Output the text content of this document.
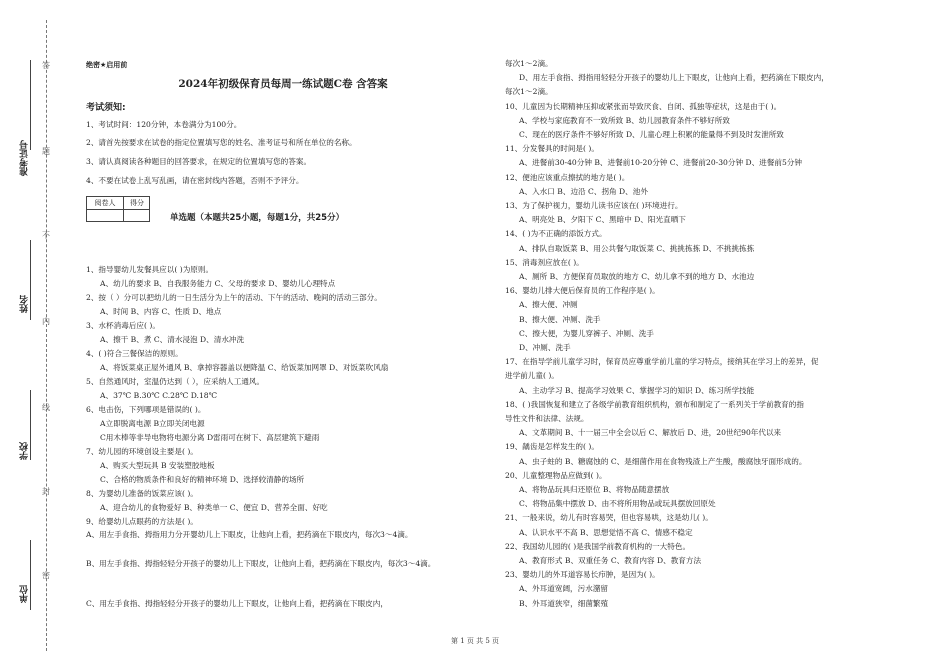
答
题
不
内
线
封
密
准考证号
姓名
学校
单位
绝密★启用前
2024年初级保育员每周一练试题C卷 含答案
考试须知:
1、考试时间：120分钟，本卷满分为100分。
2、请首先按要求在试卷的指定位置填写您的姓名、准考证号和所在单位的名称。
3、请认真阅读各种题目的回答要求，在规定的位置填写您的答案。
4、不要在试卷上乱写乱画，请在密封线内答题，否则不予评分。
阅卷人	得分
单选题（本题共25小题，每题1分，共25分）
1、指导婴幼儿发餐具应以( )为原则。
A、幼儿的要求 B、自我服务能力 C、父母的要求 D、婴幼儿心理特点
2、按（ ）分可以把幼儿的一日生活分为上午的活动、下午的活动、晚间的活动三部分。
A、时间 B、内容 C、性质 D、地点
3、水杯消毒后应( )。
A、擦干 B、煮 C、清水浸泡 D、清水冲洗
4、( )符合三餐保洁的原则。
A、将饭菜桌正屋外通风 B、拿掉容器盖以便降温 C、给饭菜加网罩 D、对饭菜吹风扇
5、自然通风时，室温仍达到（ ），应采纳人工通风。
A、37℃ B.30℃ C.28℃ D.18℃
6、电击伤，下列哪项是错误的( )。
A立即脱离电源 B立即关闭电源
C用木棒等非导电物将电源分离 D雷雨可在树下、高层建筑下避雨
7、幼儿园的环境创设主要是( )。
A、购买大型玩具 B 安装塑胶地板
C、合格的物质条件和良好的精神环境 D、选择较清静的场所
8、为婴幼儿准备的饭菜应该( )。
A、迎合幼儿的食物爱好 B、种类单一 C、便宜 D、营养全面、好吃
9、给婴幼儿点眼药的方法是( )。
A、用左手食指、拇指用力分开婴幼儿上下眼皮，让他向上看，把药滴在下眼皮内，每次3～4滴。
B、用左手食指、拇指轻轻分开孩子的婴幼儿上下眼皮，让他向上看，把药滴在下眼皮内，每次3～4滴。
C、用左手食指、拇指轻轻分开孩子的婴幼儿上下眼皮，让他向上看，把药滴在下眼皮内，
每次1～2滴。
D、用左手食指、拇指用轻轻分开孩子的婴幼儿上下眼皮，让他向上看，把药滴在下眼皮内，
每次1～2滴。
10、儿童因为长期精神压抑或紧张而导致厌食、自闭、孤独等症状，这是由于( )。
A、学校与家庭教育不一致所致 B、幼儿园教育条件不够好所致
C、现在的医疗条件不够好所致 D、儿童心理上积累的能量得不到及时发泄所致
11、分发餐具的时间是( )。
A、进餐前30-40分钟 B、进餐前10-20分钟 C、进餐前20-30分钟 D、进餐前5分钟
12、便池应该重点擦拭的地方是( )。
A、入水口 B、边沿 C、拐角 D、池外
13、为了保护视力，婴幼儿读书应该在( )环境进行。
A、明亮处 B、夕阳下 C、黑暗中 D、阳光直晒下
14、( )为不正确的添饭方式。
A、排队自取饭菜 B、用公共餐勺取饭菜 C、挑挑拣拣 D、不挑挑拣拣
15、消毒剂应放在( )。
A、厕所 B、方便保育员取放的地方 C、幼儿拿不到的地方 D、水池边
16、婴幼儿排大便后保育员的工作程序是( )。
A、擦大便、冲厕
B、擦大便、冲厕、洗手
C、擦大便，为婴儿穿裤子、冲厕、洗手
D、冲厕、洗手
17、在指导学前儿童学习时，保育员应尊重学前儿童的学习特点，接纳其在学习上的差异，促
进学前儿童( )。
A、主动学习 B、提高学习效果 C、掌握学习的知识 D、练习所学技能
18、( )我国恢复和建立了各级学前教育组织机构，颁布和制定了一系列关于学前教育的指
导性文件和法律、法规。
A、文革期间 B、十一届三中全会以后 C、解放后 D、进，20世纪90年代以来
19、龋齿是怎样发生的( )。
A、虫子蛀的 B、糖腐蚀的 C、是细菌作用在食物残渣上产生酸，酸腐蚀牙面形成的。
20、儿童整理物品应做到( )。
A、将物品玩具归还原位 B、将物品随意摆放
C、将物品集中摆放 D、由不将所用物品或玩具摆放回原处
21、一般来说，幼儿有时容易哭，但也容易哄，这是幼儿( )。
A、认识水平不高 B、思想觉悟不高 C、情感不稳定
22、我国幼儿园的( )是我国学前教育机构的一大特色。
A、教育形式 B、双重任务 C、教育内容 D、教育方法
23、婴幼儿的外耳道容易长疖肿，是因为( )。
A、外耳道宽阔，污水潴留
B、外耳道狭窄，细菌繁殖
第 1 页 共 5 页
